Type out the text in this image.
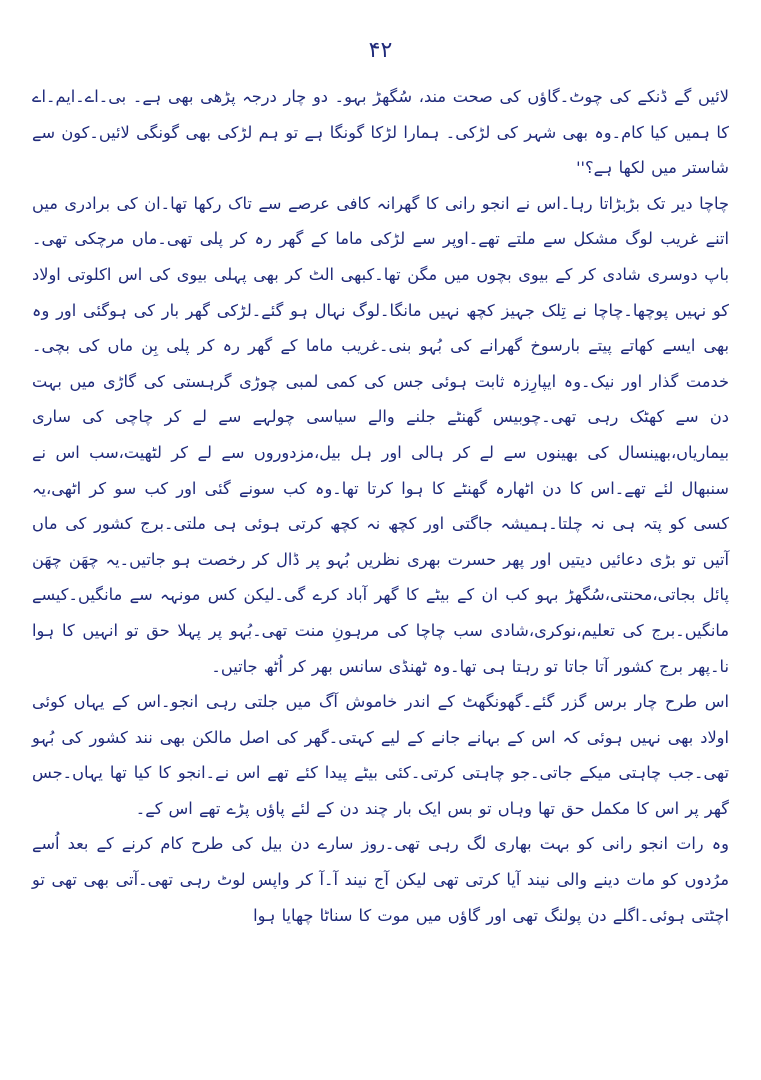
۴۲

لائیں گے ڈنکے کی چوٹ۔گاؤں کی صحت مند، سُگھڑ بہو۔ دو چار درجہ پڑھی بھی ہے۔ بی۔اے۔ایم۔اے کا ہمیں کیا کام۔وہ بھی شہر کی لڑکی۔ ہمارا لڑکا گونگا ہے تو ہم لڑکی بھی گونگی لائیں۔کون سے شاستر میں لکھا ہے؟''

چاچا دیر تک بڑبڑاتا رہا۔اس نے انجو رانی کا گھرانہ کافی عرصے سے تاک رکھا تھا۔ان کی برادری میں اتنے غریب لوگ مشکل سے ملتے تھے۔اوپر سے لڑکی ماما کے گھر رہ کر پلی تھی۔ماں مرچکی تھی۔باپ دوسری شادی کر کے بیوی بچوں میں مگن تھا۔کبھی الٹ کر بھی پہلی بیوی کی اس اکلوتی اولاد کو نہیں پوچھا۔چاچا نے تِلک جہیز کچھ نہیں مانگا۔لوگ نہال ہو گئے۔لڑکی گھر بار کی ہوگئی اور وہ بھی ایسے کھاتے پیتے بارسوخ گھرانے کی بُہو بنی۔غریب ماما کے گھر رہ کر پلی بِن ماں کی بچی۔خدمت گذار اور نیک۔وہ ایپارِزہ ثابت ہوئی جس کی کمی لمبی چوڑی گرہستی کی گاڑی میں بہت دن سے کھٹک رہی تھی۔چوبیس گھنٹے جلنے والے سیاسی چولہے سے لے کر چاچی کی ساری بیماریاں،بھینسال کی بھینوں سے لے کر ہالی اور ہل بیل،مزدوروں سے لے کر لٹھیت،سب اس نے سنبھال لئے تھے۔اس کا دن اٹھارہ گھنٹے کا ہوا کرتا تھا۔وہ کب سونے گئی اور کب سو کر اٹھی،یہ کسی کو پتہ ہی نہ چلتا۔ہمیشہ جاگتی اور کچھ نہ کچھ کرتی ہوئی ہی ملتی۔برج کشور کی ماں آتیں تو بڑی دعائیں دیتیں اور پھر حسرت بھری نظریں بُہو پر ڈال کر رخصت ہو جاتیں۔یہ چھَن چھَن پائل بجاتی،محنتی،سُگھڑ بہو کب ان کے بیٹے کا گھر آباد کرے گی۔لیکن کس مونہہ سے مانگیں۔کیسے مانگیں۔برج کی تعلیم،نوکری،شادی سب چاچا کی مرہونِ منت تھی۔بُہو پر پہلا حق تو انہیں کا ہوا نا۔پھر برج کشور آتا جاتا تو رہتا ہی تھا۔وہ ٹھنڈی سانس بھر کر اُٹھ جاتیں۔

اس طرح چار برس گزر گئے۔گھونگھٹ کے اندر خاموش آگ میں جلتی رہی انجو۔اس کے یہاں کوئی اولاد بھی نہیں ہوئی کہ اس کے بہانے جانے کے لیے کہتی۔گھر کی اصل مالکن بھی نند کشور کی بُہو تھی۔جب چاہتی میکے جاتی۔جو چاہتی کرتی۔کئی بیٹے پیدا کئے تھے اس نے۔انجو کا کیا تھا یہاں۔جس گھر پر اس کا مکمل حق تھا وہاں تو بس ایک بار چند دن کے لئے پاؤں پڑے تھے اس کے۔

وہ رات انجو رانی کو بہت بھاری لگ رہی تھی۔روز سارے دن بیل کی طرح کام کرنے کے بعد اُسے مرُدوں کو مات دینے والی نیند آیا کرتی تھی لیکن آج نیند آ۔آ کر واپس لوٹ رہی تھی۔آتی بھی تھی تو اچٹتی ہوئی۔اگلے دن پولنگ تھی اور گاؤں میں موت کا سناٹا چھایا ہوا
